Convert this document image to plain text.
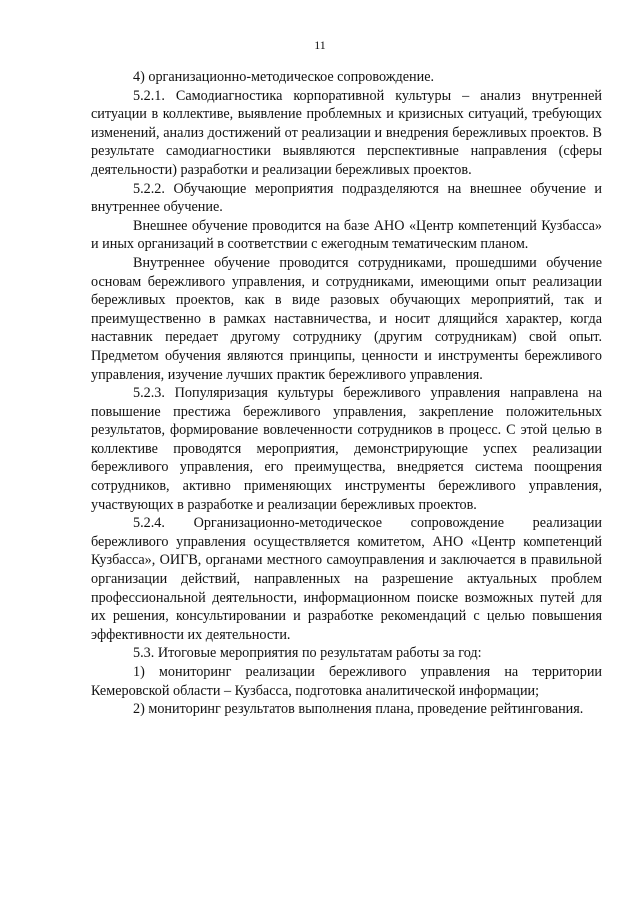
11

4) организационно-методическое сопровождение.

5.2.1. Самодиагностика корпоративной культуры – анализ внутренней ситуации в коллективе, выявление проблемных и кризисных ситуаций, требующих изменений, анализ достижений от реализации и внедрения бережливых проектов. В результате самодиагностики выявляются перспективные направления (сферы деятельности) разработки и реализации бережливых проектов.

5.2.2. Обучающие мероприятия подразделяются на внешнее обучение и внутреннее обучение.

Внешнее обучение проводится на базе АНО «Центр компетенций Кузбасса» и иных организаций в соответствии с ежегодным тематическим планом.

Внутреннее обучение проводится сотрудниками, прошедшими обучение основам бережливого управления, и сотрудниками, имеющими опыт реализации бережливых проектов, как в виде разовых обучающих мероприятий, так и преимущественно в рамках наставничества, и носит длящийся характер, когда наставник передает другому сотруднику (другим сотрудникам) свой опыт. Предметом обучения являются принципы, ценности и инструменты бережливого управления, изучение лучших практик бережливого управления.

5.2.3. Популяризация культуры бережливого управления направлена на повышение престижа бережливого управления, закрепление положительных результатов, формирование вовлеченности сотрудников в процесс. С этой целью в коллективе проводятся мероприятия, демонстрирующие успех реализации бережливого управления, его преимущества, внедряется система поощрения сотрудников, активно применяющих инструменты бережливого управления, участвующих в разработке и реализации бережливых проектов.

5.2.4. Организационно-методическое сопровождение реализации бережливого управления осуществляется комитетом, АНО «Центр компетенций Кузбасса», ОИГВ, органами местного самоуправления и заключается в правильной организации действий, направленных на разрешение актуальных проблем профессиональной деятельности, информационном поиске возможных путей для их решения, консультировании и разработке рекомендаций с целью повышения эффективности их деятельности.

5.3. Итоговые мероприятия по результатам работы за год:

1) мониторинг реализации бережливого управления на территории Кемеровской области – Кузбасса, подготовка аналитической информации;

2) мониторинг результатов выполнения плана, проведение рейтингования.
